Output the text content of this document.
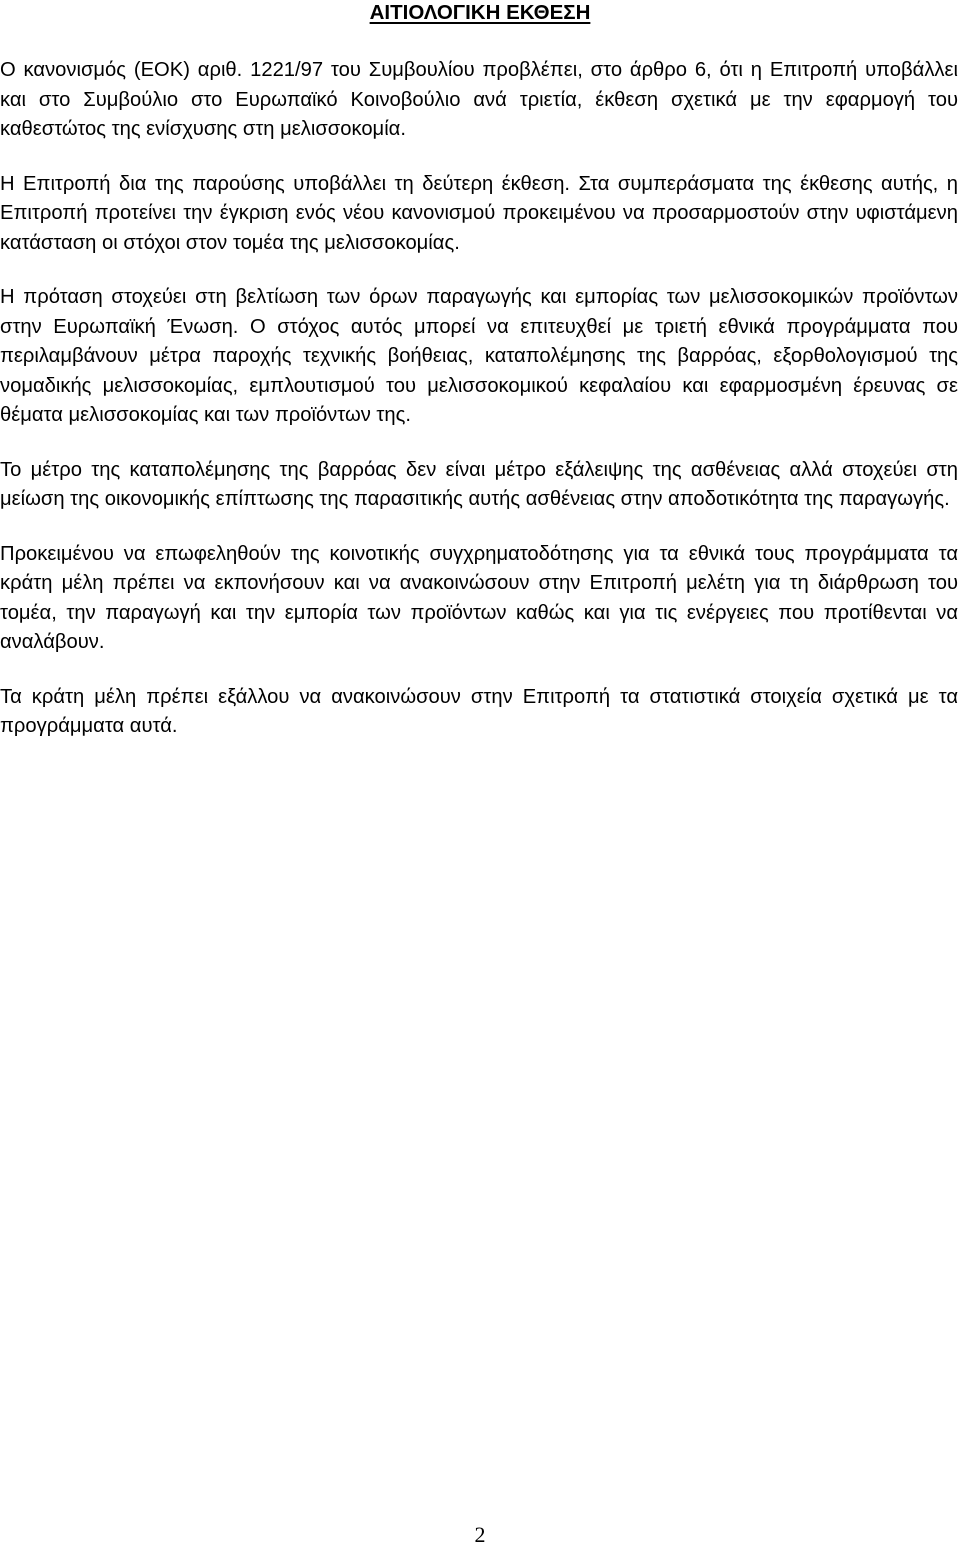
ΑΙΤΙΟΛΟΓΙΚΗ ΕΚΘΕΣΗ

Ο κανονισμός (ΕΟΚ) αριθ. 1221/97 του Συμβουλίου προβλέπει, στο άρθρο 6, ότι η Επιτροπή υποβάλλει και στο Συμβούλιο στο Ευρωπαϊκό Κοινοβούλιο ανά τριετία, έκθεση σχετικά με την εφαρμογή του καθεστώτος της ενίσχυσης στη μελισσοκομία.

Η Επιτροπή δια της παρούσης υποβάλλει τη δεύτερη έκθεση. Στα συμπεράσματα της έκθεσης αυτής, η Επιτροπή προτείνει την έγκριση ενός νέου κανονισμού προκειμένου να προσαρμοστούν στην υφιστάμενη κατάσταση οι στόχοι στον τομέα της μελισσοκομίας.

Η πρόταση στοχεύει στη βελτίωση των όρων παραγωγής και εμπορίας των μελισσοκομικών προϊόντων στην Ευρωπαϊκή Ένωση. Ο στόχος αυτός μπορεί να επιτευχθεί με τριετή εθνικά προγράμματα που περιλαμβάνουν μέτρα παροχής τεχνικής βοήθειας, καταπολέμησης της βαρρόας, εξορθολογισμού της νομαδικής μελισσοκομίας, εμπλουτισμού του μελισσοκομικού κεφαλαίου και εφαρμοσμένη έρευνας σε θέματα μελισσοκομίας και των προϊόντων της.

Το μέτρο της καταπολέμησης της βαρρόας δεν είναι μέτρο εξάλειψης της ασθένειας αλλά στοχεύει στη μείωση της οικονομικής επίπτωσης της παρασιτικής αυτής ασθένειας στην αποδοτικότητα της παραγωγής.

Προκειμένου να επωφεληθούν της κοινοτικής συγχρηματοδότησης για τα εθνικά τους προγράμματα τα κράτη μέλη πρέπει να εκπονήσουν και να ανακοινώσουν στην Επιτροπή μελέτη για τη διάρθρωση του τομέα, την παραγωγή και την εμπορία των προϊόντων καθώς και για τις ενέργειες που προτίθενται να αναλάβουν.

Τα κράτη μέλη πρέπει εξάλλου να ανακοινώσουν στην Επιτροπή τα στατιστικά στοιχεία σχετικά με τα προγράμματα αυτά.

2
